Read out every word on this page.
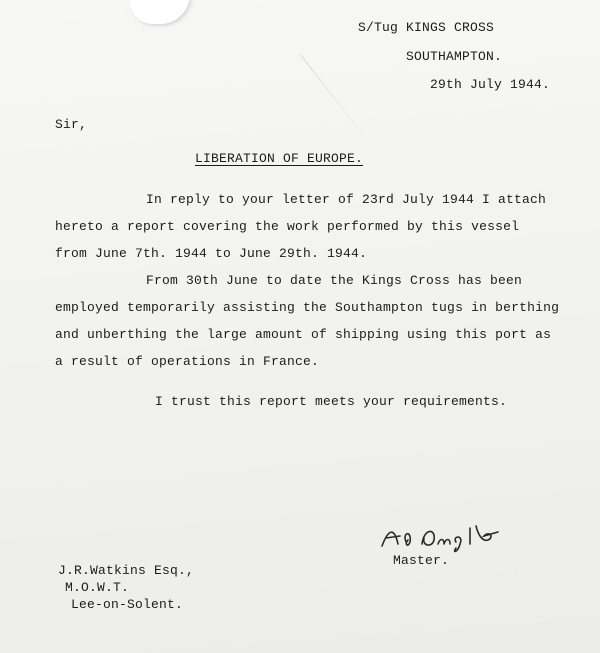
S/Tug KINGS CROSS
SOUTHAMPTON.
29th July 1944.
Sir,
LIBERATION OF EUROPE.
In reply to your letter of 23rd July 1944 I attach
hereto a report covering the work performed by this vessel
from June 7th. 1944 to June 29th. 1944.
From 30th June to date the Kings Cross has been
employed temporarily assisting the Southampton tugs in berthing
and unberthing the large amount of shipping using this port as
a result of operations in France.
I trust this report meets your requirements.
Master.
J.R.Watkins Esq.,
M.O.W.T.
Lee-on-Solent.
